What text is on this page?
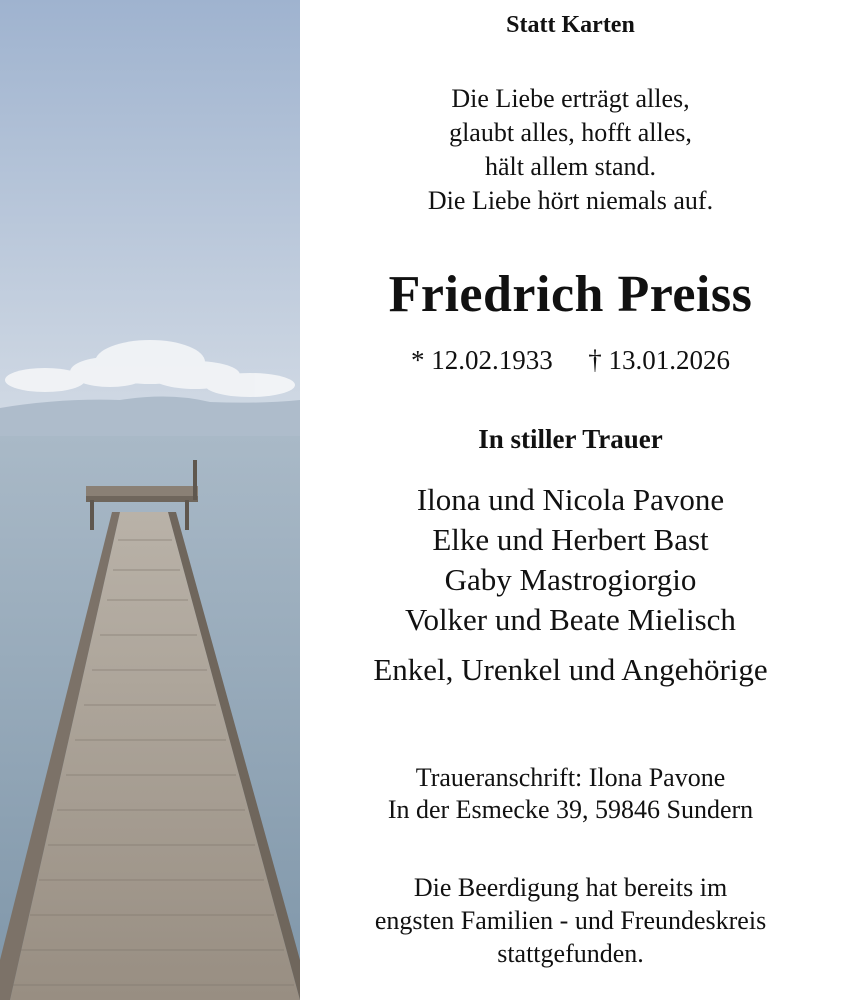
Statt Karten
Die Liebe erträgt alles,
glaubt alles, hofft alles,
hält allem stand.
Die Liebe hört niemals auf.
Friedrich Preiss
* 12.02.1933 † 13.01.2026
In stiller Trauer
Ilona und Nicola Pavone
Elke und Herbert Bast
Gaby Mastrogiorgio
Volker und Beate Mielisch
Enkel, Urenkel und Angehörige
Traueranschrift: Ilona Pavone
In der Esmecke 39, 59846 Sundern
Die Beerdigung hat bereits im
engsten Familien - und Freundeskreis
stattgefunden.
